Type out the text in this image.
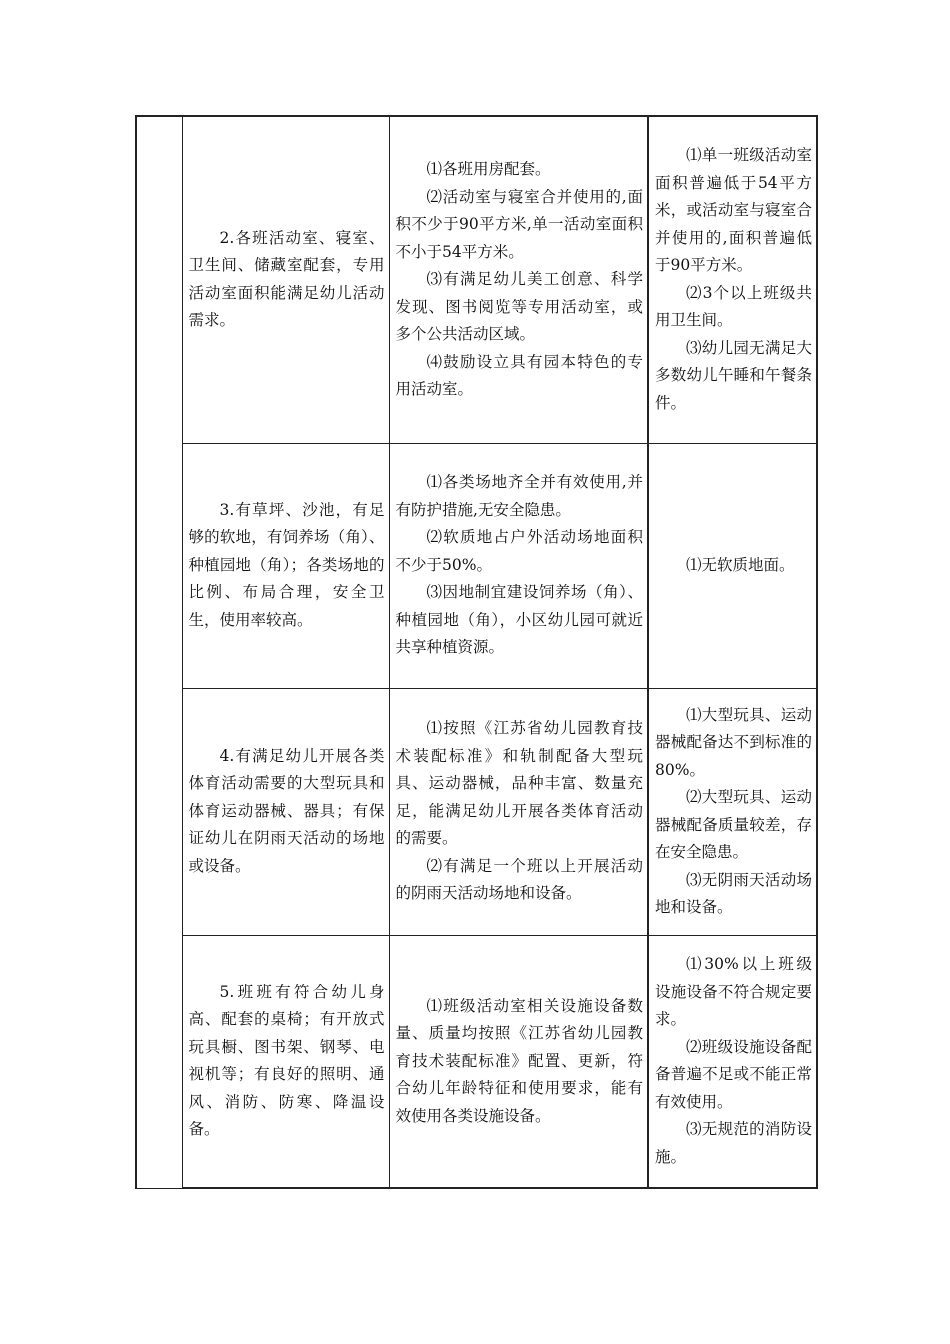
	2.各班活动室、寝室、卫生间、储藏室配套，专用活动室面积能满足幼儿活动需求。	⑴各班用房配套。
⑵活动室与寝室合并使用的,面积不少于90平方米,单一活动室面积不小于54平方米。
⑶有满足幼儿美工创意、科学发现、图书阅览等专用活动室，或多个公共活动区域。
⑷鼓励设立具有园本特色的专用活动室。	⑴单一班级活动室面积普遍低于54平方米，或活动室与寝室合并使用的,面积普遍低于90平方米。
⑵3个以上班级共用卫生间。
⑶幼儿园无满足大多数幼儿午睡和午餐条件。

	3.有草坪、沙池，有足够的软地，有饲养场（角）、种植园地（角）；各类场地的比例、布局合理，安全卫生，使用率较高。	⑴各类场地齐全并有效使用,并有防护措施,无安全隐患。
⑵软质地占户外活动场地面积不少于50%。
⑶因地制宜建设饲养场（角）、种植园地（角），小区幼儿园可就近共享种植资源。	⑴无软质地面。

	4.有满足幼儿开展各类体育活动需要的大型玩具和体育运动器械、器具；有保证幼儿在阴雨天活动的场地或设备。	⑴按照《江苏省幼儿园教育技术装配标准》和轨制配备大型玩具、运动器械，品种丰富、数量充足，能满足幼儿开展各类体育活动的需要。
⑵有满足一个班以上开展活动的阴雨天活动场地和设备。	⑴大型玩具、运动器械配备达不到标准的80%。
⑵大型玩具、运动器械配备质量较差，存在安全隐患。
⑶无阴雨天活动场地和设备。

	5.班班有符合幼儿身高、配套的桌椅；有开放式玩具橱、图书架、钢琴、电视机等；有良好的照明、通风、消防、防寒、降温设备。	⑴班级活动室相关设施设备数量、质量均按照《江苏省幼儿园教育技术装配标准》配置、更新，符合幼儿年龄特征和使用要求，能有效使用各类设施设备。	⑴30%以上班级设施设备不符合规定要求。
⑵班级设施设备配备普遍不足或不能正常有效使用。
⑶无规范的消防设施。
